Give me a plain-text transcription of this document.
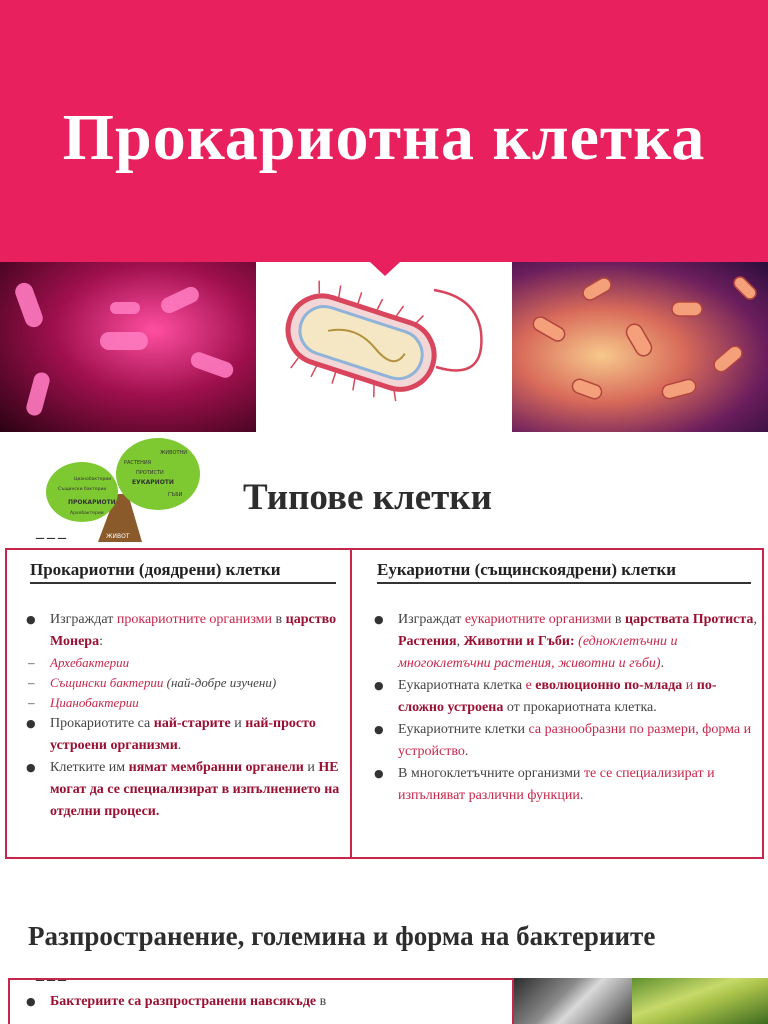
Прокариотна клетка
ЖИВОТ
ПРОКАРИОТИ
Цианобактерии
Същински бактерии
Архебактерии
ЕУКАРИОТИ
ЖИВОТНИ
РАСТЕНИЯ
ГЪБИ
ПРОТИСТИ
Типове клетки
___
Прокариотни (доядрени) клетки	Еукариотни (същинскоядрени) клетки
● Изграждат прокариотните организми в царство Монера:
– Архебактерии
– Същински бактерии (най-добре изучени)
– Цианобактерии
● Прокариотите са най-старите и най-просто устроени организми.
● Клетките им нямат мембранни органели и НЕ могат да се специализират в изпълнението на отделни процеси.
● Изграждат еукариотните организми в царствата Протиста, Растения, Животни и Гъби: (едноклетъчни и многоклетъчни растения, животни и гъби).
● Еукариотната клетка е еволюционно по-млада и по-сложно устроена от прокариотната клетка.
● Еукариотните клетки са разнообразни по размери, форма и устройство.
● В многоклетъчните организми те се специализират и изпълняват различни функции.
Разпространение, големина и форма на бактериите
___
● Бактериите са разпространени навсякъде в
